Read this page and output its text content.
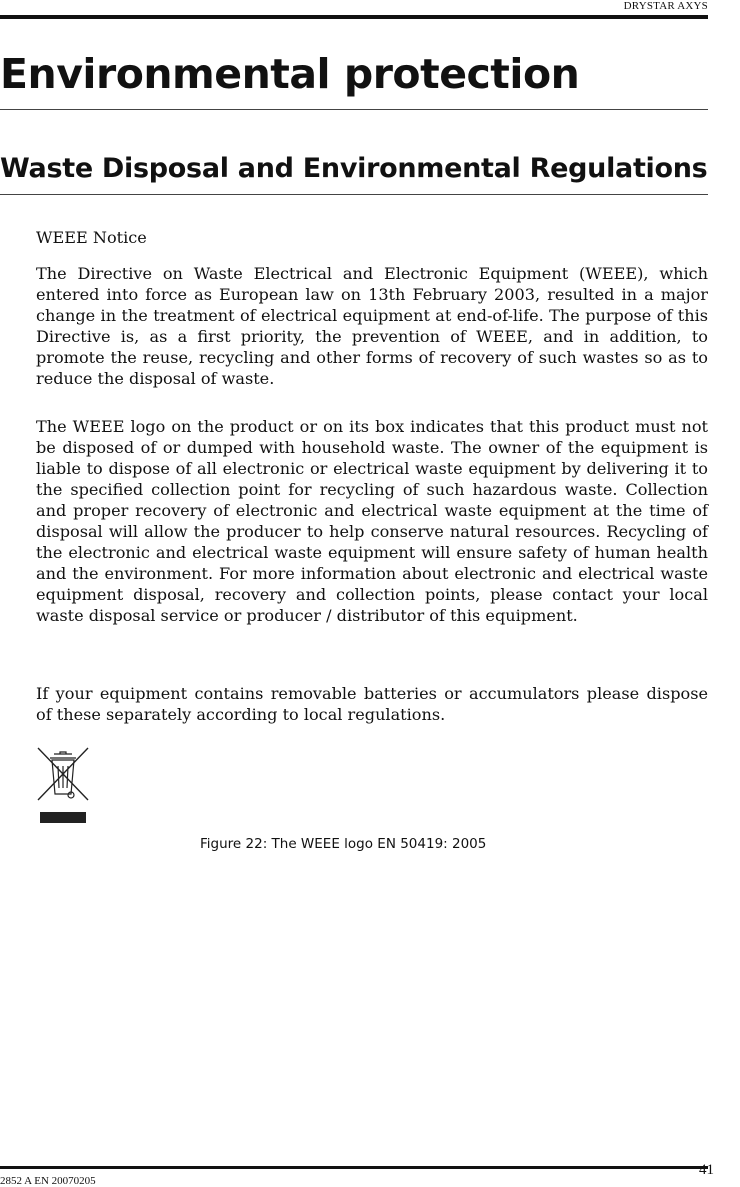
DRYSTAR AXYS
Environmental protection
Waste Disposal and Environmental Regulations

WEEE Notice

The Directive on Waste Electrical and Electronic Equipment (WEEE), which entered into force as European law on 13th February 2003, resulted in a major change in the treatment of electrical equipment at end-of-life. The purpose of this Directive is, as a first priority, the prevention of WEEE, and in addition, to promote the reuse, recycling and other forms of recovery of such wastes so as to reduce the disposal of waste.

The WEEE logo on the product or on its box indicates that this product must not be disposed of or dumped with household waste. The owner of the equipment is liable to dispose of all electronic or electrical waste equipment by delivering it to the specified collection point for recycling of such hazardous waste. Collection and proper recovery of electronic and electrical waste equipment at the time of disposal will allow the producer to help conserve natural resources. Recycling of the electronic and electrical waste equipment will ensure safety of human health and the environment. For more information about electronic and electrical waste equipment disposal, recovery and collection points, please contact your local waste disposal service or producer / distributor of this equipment.

If your equipment contains removable batteries or accumulators please dispose of these separately according to local regulations.

Figure 22: The WEEE logo EN 50419: 2005

2852 A EN 20070205
41
